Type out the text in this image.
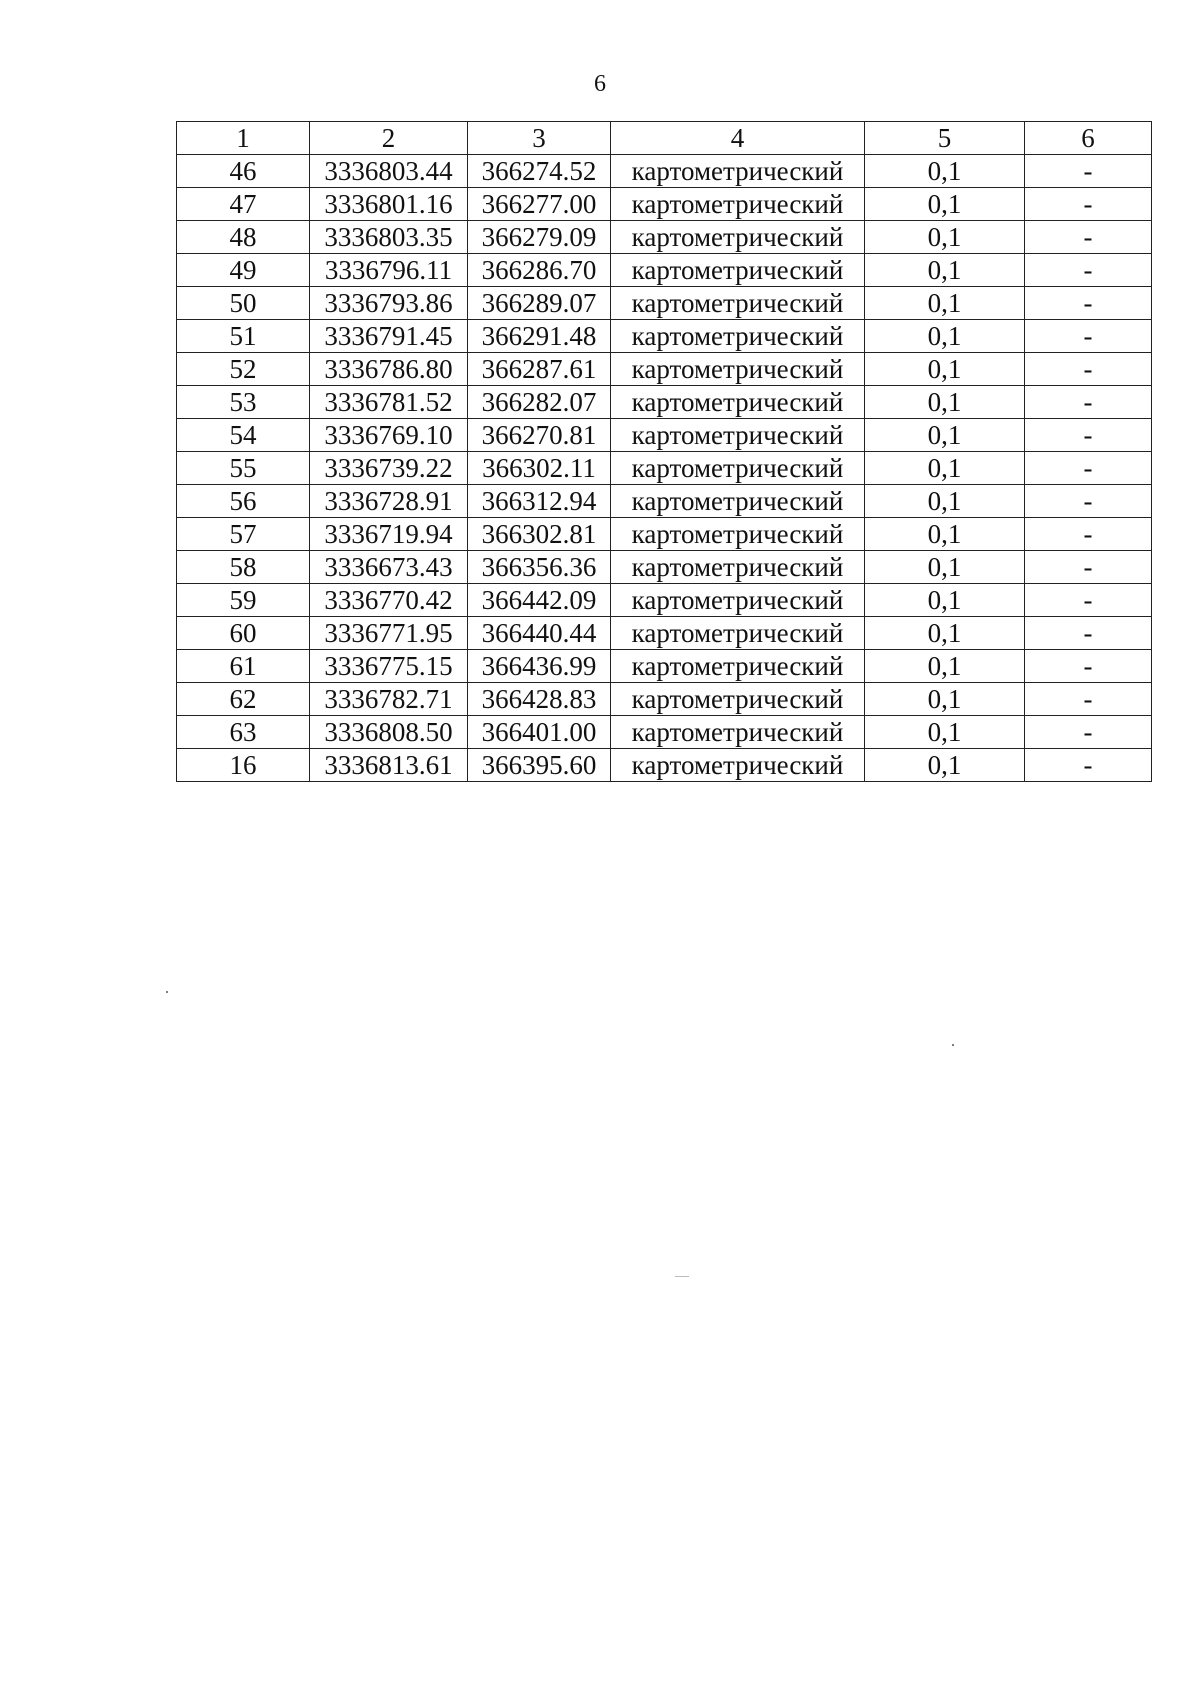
6
1	2	3	4	5	6
46	3336803.44	366274.52	картометрический	0,1	-
47	3336801.16	366277.00	картометрический	0,1	-
48	3336803.35	366279.09	картометрический	0,1	-
49	3336796.11	366286.70	картометрический	0,1	-
50	3336793.86	366289.07	картометрический	0,1	-
51	3336791.45	366291.48	картометрический	0,1	-
52	3336786.80	366287.61	картометрический	0,1	-
53	3336781.52	366282.07	картометрический	0,1	-
54	3336769.10	366270.81	картометрический	0,1	-
55	3336739.22	366302.11	картометрический	0,1	-
56	3336728.91	366312.94	картометрический	0,1	-
57	3336719.94	366302.81	картометрический	0,1	-
58	3336673.43	366356.36	картометрический	0,1	-
59	3336770.42	366442.09	картометрический	0,1	-
60	3336771.95	366440.44	картометрический	0,1	-
61	3336775.15	366436.99	картометрический	0,1	-
62	3336782.71	366428.83	картометрический	0,1	-
63	3336808.50	366401.00	картометрический	0,1	-
16	3336813.61	366395.60	картометрический	0,1	-
